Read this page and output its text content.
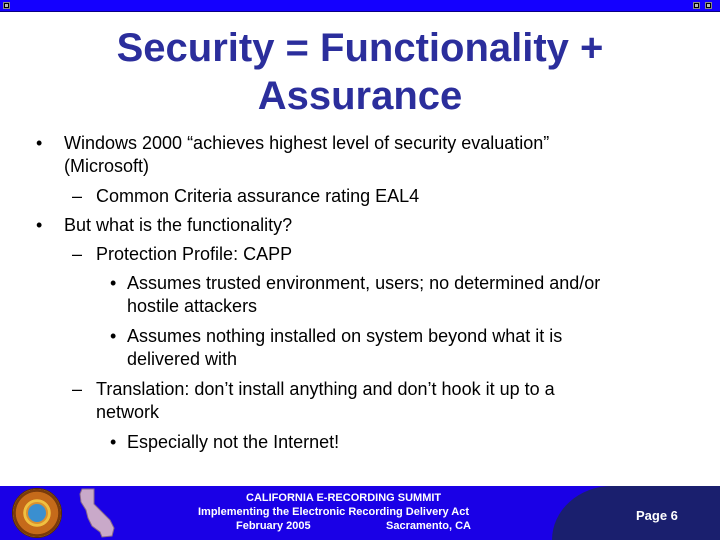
Security = Functionality +
Assurance
• Windows 2000 “achieves highest level of security evaluation”
(Microsoft)
– Common Criteria assurance rating EAL4
• But what is the functionality?
– Protection Profile: CAPP
• Assumes trusted environment, users; no determined and/or
hostile attackers
• Assumes nothing installed on system beyond what it is
delivered with
– Translation: don’t install anything and don’t hook it up to a
network
• Especially not the Internet!
CALIFORNIA E-RECORDING SUMMIT
Implementing the Electronic Recording Delivery Act
February 2005	Sacramento, CA
Page 6
